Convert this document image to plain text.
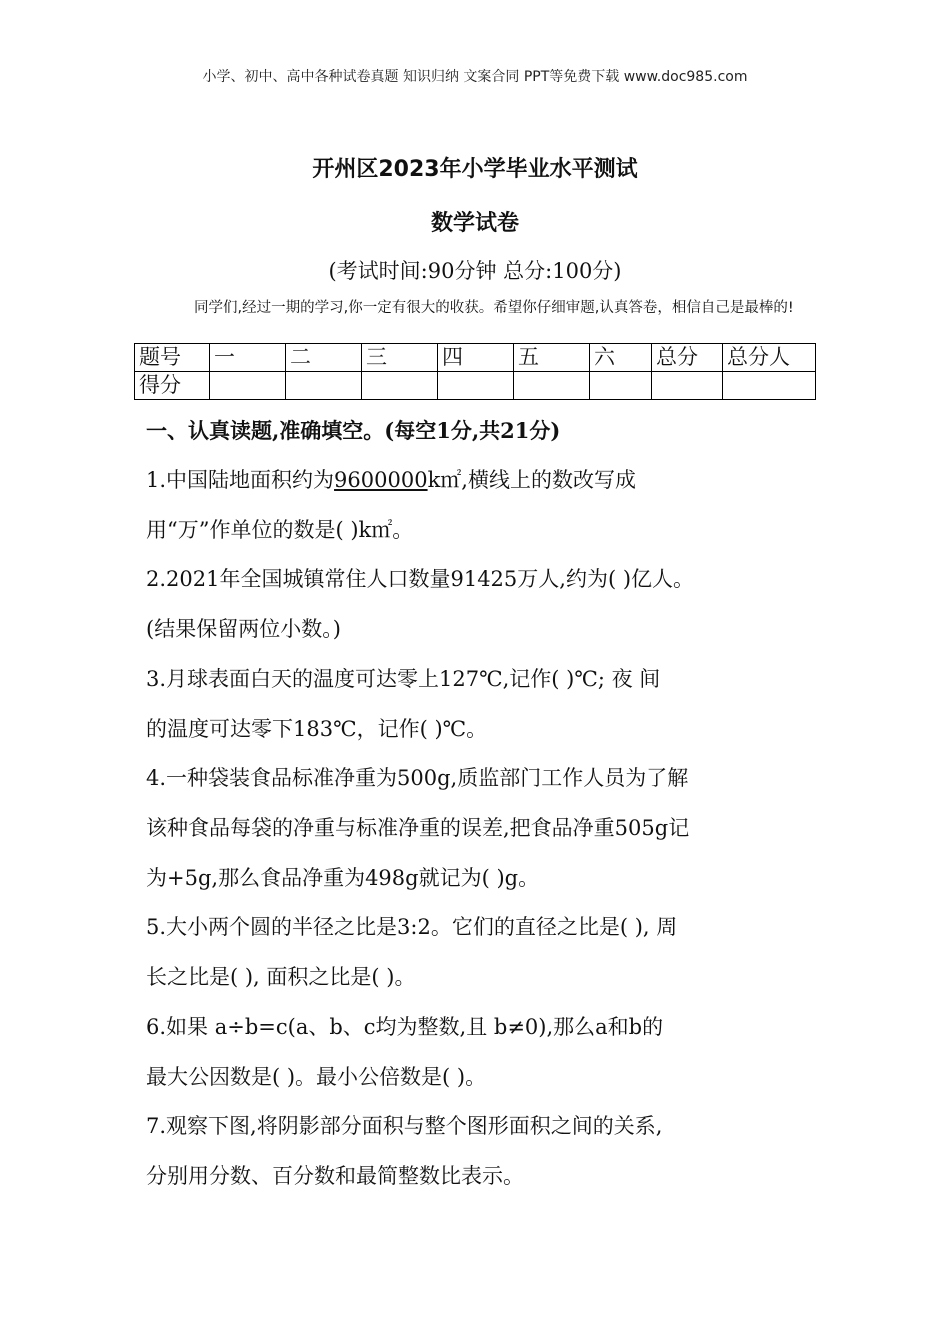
小学、初中、高中各种试卷真题 知识归纳 文案合同 PPT等免费下载 www.doc985.com
开州区2023年小学毕业水平测试
数学试卷
(考试时间:90分钟 总分:100分)
同学们,经过一期的学习,你一定有很大的收获。希望你仔细审题,认真答卷，相信自己是最棒的!
题号	一	二	三	四	五	六	总分	总分人
得分								
一、认真读题,准确填空。(每空1分,共21分)
1.中国陆地面积约为9600000k㎡,横线上的数改写成
用“万”作单位的数是( )k㎡。
2.2021年全国城镇常住人口数量91425万人,约为( )亿人。
(结果保留两位小数。)
3.月球表面白天的温度可达零上127℃,记作( )℃; 夜 间
的温度可达零下183℃，记作( )℃。
4.一种袋装食品标准净重为500g,质监部门工作人员为了解
该种食品每袋的净重与标准净重的误差,把食品净重505g记
为+5g,那么食品净重为498g就记为( )g。
5.大小两个圆的半径之比是3:2。它们的直径之比是( ), 周
长之比是( ), 面积之比是( )。
6.如果 a÷b=c(a、b、c均为整数,且 b≠0),那么a和b的
最大公因数是( )。最小公倍数是( )。
7.观察下图,将阴影部分面积与整个图形面积之间的关系,
分别用分数、百分数和最简整数比表示。
